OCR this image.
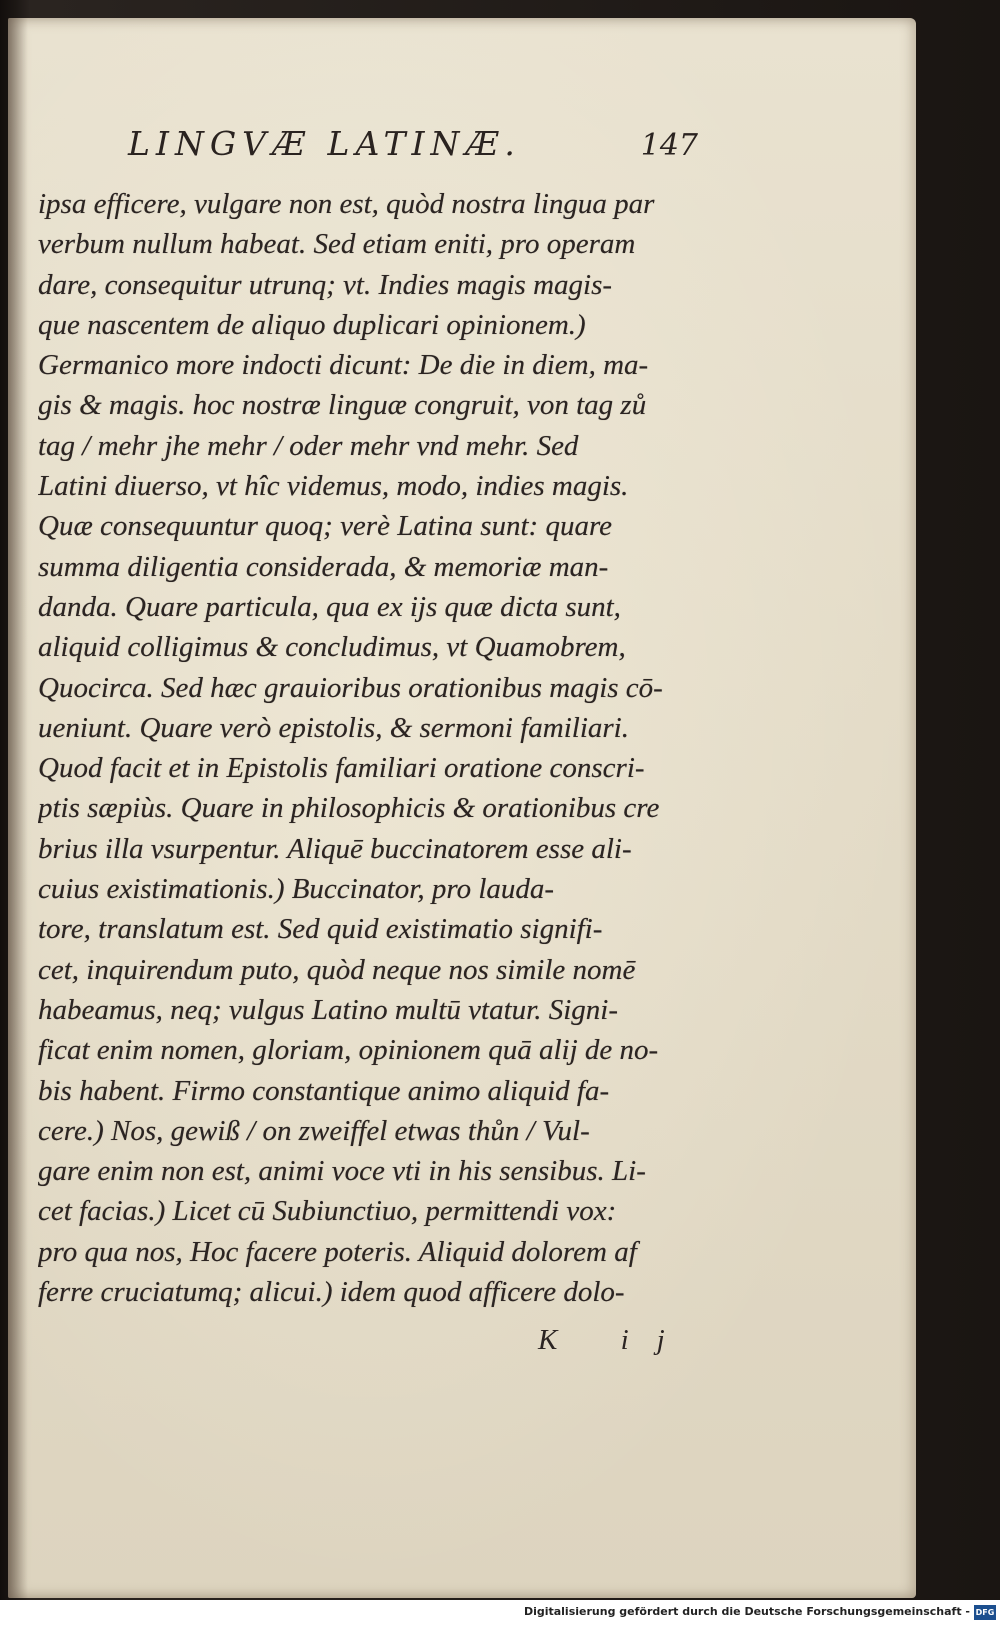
LINGVÆ LATINÆ.	147
ipsa efficere, vulgare non est, quòd nostra lingua par
verbum nullum habeat. Sed etiam eniti, pro operam
dare, consequitur utrunq; vt. Indies magis magis-
que nascentem de aliquo duplicari opinionem.)
Germanico more indocti dicunt: De die in diem, ma-
gis & magis. hoc nostræ linguæ congruit, von tag zů
tag / mehr jhe mehr / oder mehr vnd mehr. Sed
Latini diuerso, vt hîc videmus, modo, indies magis.
Quæ consequuntur quoq; verè Latina sunt: quare
summa diligentia considerada, & memoriæ man-
danda. Quare particula, qua ex ijs quæ dicta sunt,
aliquid colligimus & concludimus, vt Quamobrem,
Quocirca. Sed hæc grauioribus orationibus magis cō-
ueniunt. Quare verò epistolis, & sermoni familiari.
Quod facit et in Epistolis familiari oratione conscri-
ptis sæpiùs. Quare in philosophicis & orationibus cre
brius illa vsurpentur. Aliquē buccinatorem esse ali-
cuius existimationis.) Buccinator, pro lauda-
tore, translatum est. Sed quid existimatio signifi-
cet, inquirendum puto, quòd neque nos simile nomē
habeamus, neq; vulgus Latino multū vtatur. Signi-
ficat enim nomen, gloriam, opinionem quā alij de no-
bis habent. Firmo constantique animo aliquid fa-
cere.) Nos, gewiß / on zweiffel etwas thůn / Vul-
gare enim non est, animi voce vti in his sensibus. Li-
cet facias.) Licet cū Subiunctiuo, permittendi vox:
pro qua nos, Hoc facere poteris. Aliquid dolorem af
ferre cruciatumq; alicui.) idem quod afficere dolo-
K ij
Digitalisierung gefördert durch die Deutsche Forschungsgemeinschaft - DFG
